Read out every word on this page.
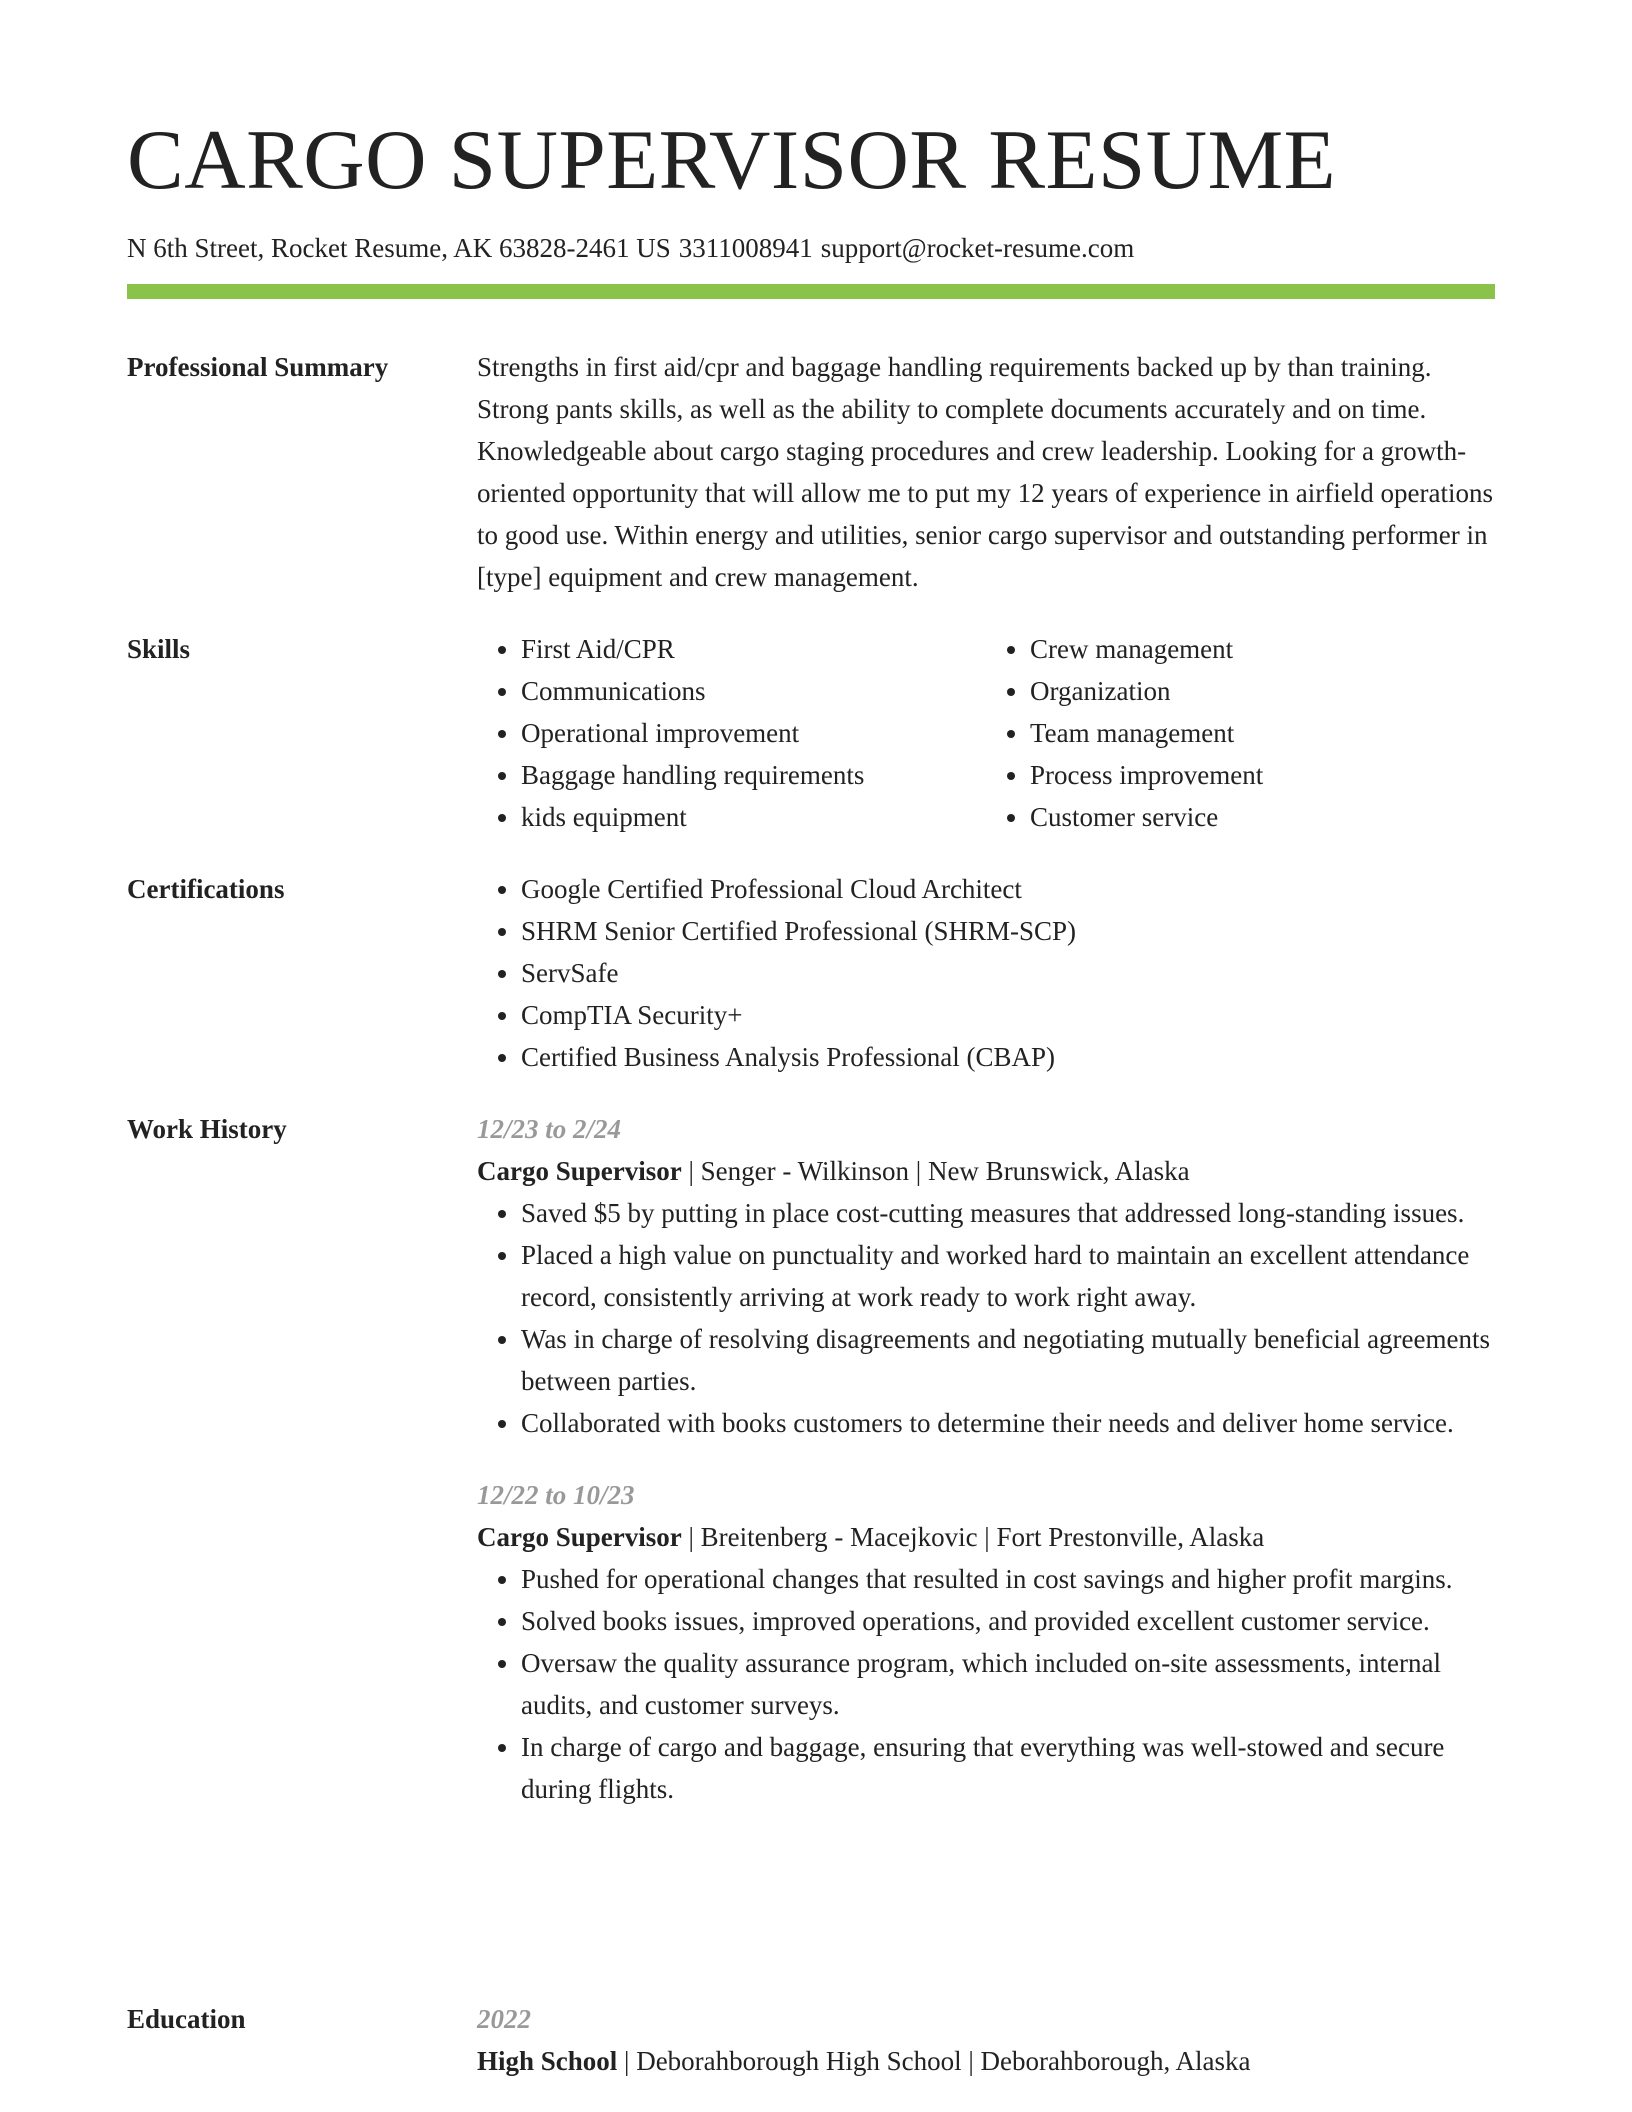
CARGO SUPERVISOR RESUME
N 6th Street, Rocket Resume, AK 63828-2461 US 3311008941 support@rocket-resume.com
Professional Summary	Strengths in first aid/cpr and baggage handling requirements backed up by than training. Strong pants skills, as well as the ability to complete documents accurately and on time. Knowledgeable about cargo staging procedures and crew leadership. Looking for a growth-oriented opportunity that will allow me to put my 12 years of experience in airfield operations to good use. Within energy and utilities, senior cargo supervisor and outstanding performer in [type] equipment and crew management.
Skills	• First Aid/CPR
• Communications
• Operational improvement
• Baggage handling requirements
• kids equipment
• Crew management
• Organization
• Team management
• Process improvement
• Customer service
Certifications	• Google Certified Professional Cloud Architect
• SHRM Senior Certified Professional (SHRM-SCP)
• ServSafe
• CompTIA Security+
• Certified Business Analysis Professional (CBAP)
Work History	12/23 to 2/24
Cargo Supervisor | Senger - Wilkinson | New Brunswick, Alaska
• Saved $5 by putting in place cost-cutting measures that addressed long-standing issues.
• Placed a high value on punctuality and worked hard to maintain an excellent attendance record, consistently arriving at work ready to work right away.
• Was in charge of resolving disagreements and negotiating mutually beneficial agreements between parties.
• Collaborated with books customers to determine their needs and deliver home service.
12/22 to 10/23
Cargo Supervisor | Breitenberg - Macejkovic | Fort Prestonville, Alaska
• Pushed for operational changes that resulted in cost savings and higher profit margins.
• Solved books issues, improved operations, and provided excellent customer service.
• Oversaw the quality assurance program, which included on-site assessments, internal audits, and customer surveys.
• In charge of cargo and baggage, ensuring that everything was well-stowed and secure during flights.
Education	2022
High School | Deborahborough High School | Deborahborough, Alaska
